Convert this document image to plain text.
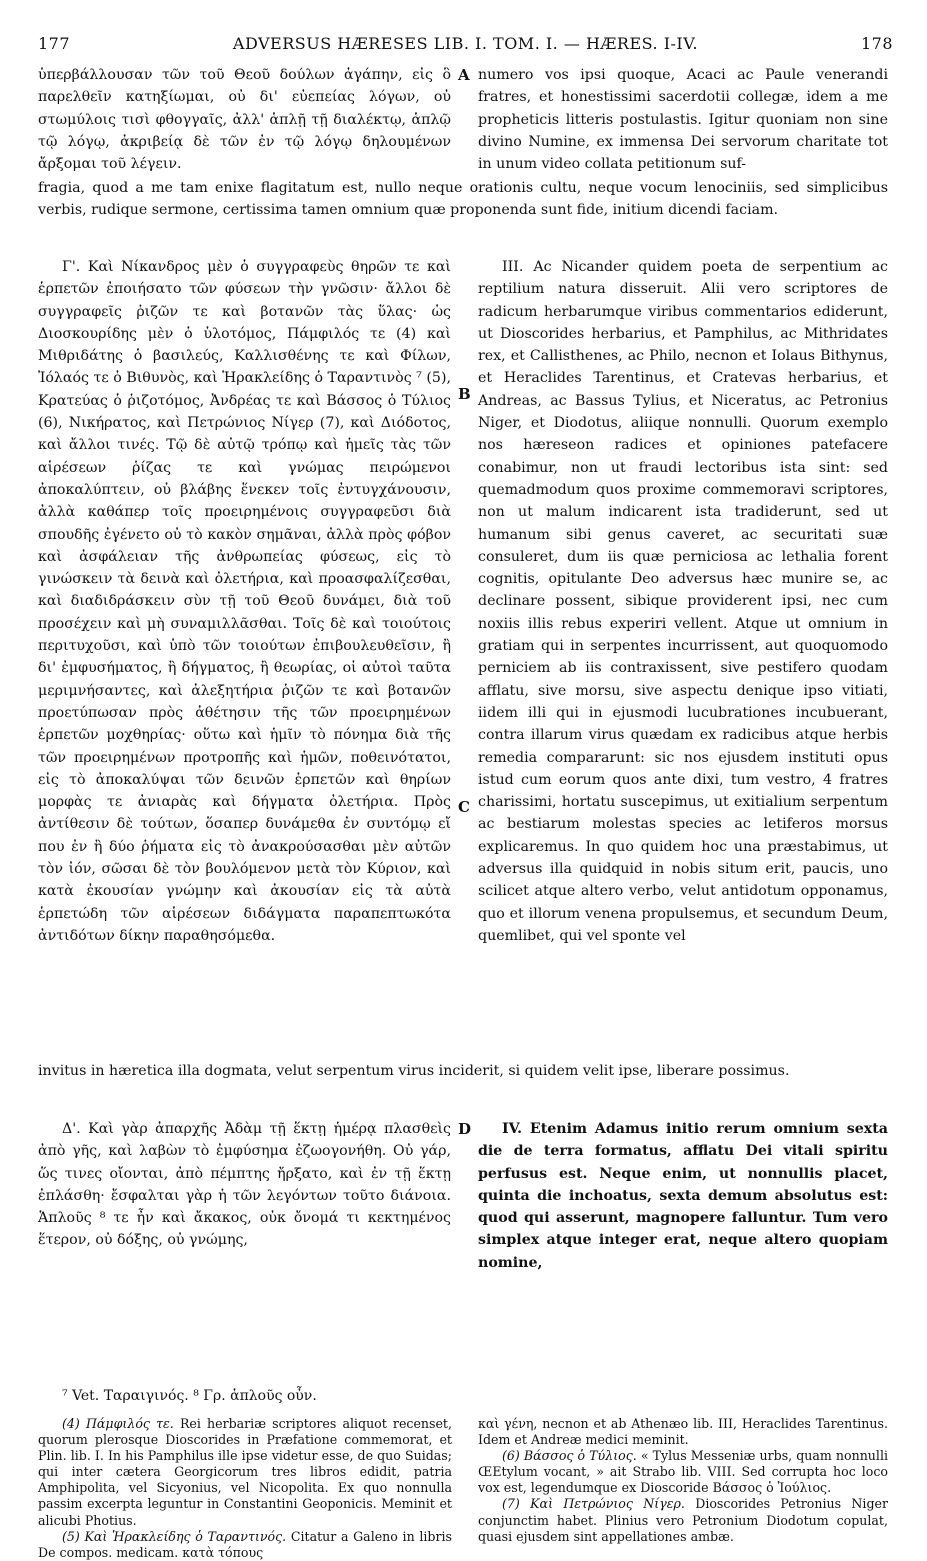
177	ADVERSUS HÆRESES LIB. I. TOM. I. — HÆRES. I-IV.	178

ὑπερβάλλουσαν τῶν τοῦ Θεοῦ δούλων ἀγάπην, εἰς ὃ παρελθεῖν κατηξίωμαι, οὐ δι' εὐεπείας λόγων, οὐ στωμύλοις τισὶ φθογγαῖς, ἀλλ' ἁπλῇ τῇ διαλέκτῳ, ἁπλῷ τῷ λόγῳ, ἀκριβείᾳ δὲ τῶν ἐν τῷ λόγῳ δηλουμένων ἄρξομαι τοῦ λέγειν.

A numero vos ipsi quoque, Acaci ac Paule venerandi fratres, et honestissimi sacerdotii collegæ, idem a me propheticis litteris postulastis. Igitur quoniam non sine divino Numine, ex immensa Dei servorum charitate tot in unum video collata petitionum suf-

fragia, quod a me tam enixe flagitatum est, nullo neque orationis cultu, neque vocum lenociniis, sed simplicibus verbis, rudique sermone, certissima tamen omnium quæ proponenda sunt fide, initium dicendi faciam.

Γ'. Καὶ Νίκανδρος μὲν ὁ συγγραφεὺς θηρῶν τε καὶ ἑρπετῶν ἐποιήσατο τῶν φύσεων τὴν γνῶσιν· ἄλλοι δὲ συγγραφεῖς ῥιζῶν τε καὶ βοτανῶν τὰς ὕλας· ὡς Διοσκουρίδης μὲν ὁ ὑλοτόμος, Πάμφιλός τε (4) καὶ Μιθριδάτης ὁ βασιλεύς, Καλλισθένης τε καὶ Φίλων, Ἰόλαός τε ὁ Βιθυνὸς, καὶ Ἡρακλείδης ὁ Ταραντινὸς ⁷ (5), Κρατεύας ὁ ῥιζοτόμος, Ἀνδρέας τε καὶ Βάσσος ὁ Τύλιος (6), Νικήρατος, καὶ Πετρώνιος Νίγερ (7), καὶ Διόδοτος, καὶ ἄλλοι τινές. Τῷ δὲ αὐτῷ τρόπῳ καὶ ἡμεῖς τὰς τῶν αἱρέσεων ῥίζας τε καὶ γνώμας πειρώμενοι ἀποκαλύπτειν, οὐ βλάβης ἕνεκεν τοῖς ἐντυγχάνουσιν, ἀλλὰ καθάπερ τοῖς προειρημένοις συγγραφεῦσι διὰ σπουδῆς ἐγένετο οὐ τὸ κακὸν σημᾶναι, ἀλλὰ πρὸς φόβον καὶ ἀσφάλειαν τῆς ἀνθρωπείας φύσεως, εἰς τὸ γινώσκειν τὰ δεινὰ καὶ ὀλετήρια, καὶ προασφαλίζεσθαι, καὶ διαδιδράσκειν σὺν τῇ τοῦ Θεοῦ δυνάμει, διὰ τοῦ προσέχειν καὶ μὴ συναμιλλᾶσθαι. Τοῖς δὲ καὶ τοιούτοις περιτυχοῦσι, καὶ ὑπὸ τῶν τοιούτων ἐπιβουλευθεῖσιν, ἢ δι' ἐμφυσήματος, ἢ δήγματος, ἢ θεωρίας, οἱ αὐτοὶ ταῦτα μεριμνήσαντες, καὶ ἀλεξητήρια ῥιζῶν τε καὶ βοτανῶν προετύπωσαν πρὸς ἀθέτησιν τῆς τῶν προειρημένων ἑρπετῶν μοχθηρίας· οὕτω καὶ ἡμῖν τὸ πόνημα διὰ τῆς τῶν προειρημένων προτροπῆς καὶ ἡμῶν, ποθεινότατοι, εἰς τὸ ἀποκαλύψαι τῶν δεινῶν ἑρπετῶν καὶ θηρίων μορφὰς τε ἀνιαρὰς καὶ δήγματα ὀλετήρια. Πρὸς ἀντίθεσιν δὲ τούτων, ὅσαπερ δυνάμεθα ἐν συντόμῳ εἴ που ἐν ἢ δύο ῥήματα εἰς τὸ ἀνακρούσασθαι μὲν αὐτῶν τὸν ἰόν, σῶσαι δὲ τὸν βουλόμενον μετὰ τὸν Κύριον, καὶ κατὰ ἐκουσίαν γνώμην καὶ ἀκουσίαν εἰς τὰ αὐτὰ ἑρπετώδη τῶν αἱρέσεων διδάγματα παραπεπτωκότα ἀντιδότων δίκην παραθησόμεθα.

B
C

III. Ac Nicander quidem poeta de serpentium ac reptilium natura disseruit. Alii vero scriptores de radicum herbarumque viribus commentarios ediderunt, ut Dioscorides herbarius, et Pamphilus, ac Mithridates rex, et Callisthenes, ac Philo, necnon et Iolaus Bithynus, et Heraclides Tarentinus, et Cratevas herbarius, et Andreas, ac Bassus Tylius, et Niceratus, ac Petronius Niger, et Diodotus, aliique nonnulli. Quorum exemplo nos hæreseon radices et opiniones patefacere conabimur, non ut fraudi lectoribus ista sint: sed quemadmodum quos proxime commemoravi scriptores, non ut malum indicarent ista tradiderunt, sed ut humanum sibi genus caveret, ac securitati suæ consuleret, dum iis quæ perniciosa ac lethalia forent cognitis, opitulante Deo adversus hæc munire se, ac declinare possent, sibique providerent ipsi, nec cum noxiis illis rebus experiri vellent. Atque ut omnium in gratiam qui in serpentes incurrissent, aut quoquomodo perniciem ab iis contraxissent, sive pestifero quodam afflatu, sive morsu, sive aspectu denique ipso vitiati, iidem illi qui in ejusmodi lucubrationes incubuerant, contra illarum virus quædam ex radicibus atque herbis remedia compararunt: sic nos ejusdem instituti opus istud cum eorum quos ante dixi, tum vestro, 4 fratres charissimi, hortatu suscepimus, ut exitialium serpentum ac bestiarum molestas species ac letiferos morsus explicaremus. In quo quidem hoc una præstabimus, ut adversus illa quidquid in nobis situm erit, paucis, uno scilicet atque altero verbo, velut antidotum opponamus, quo et illorum venena propulsemus, et secundum Deum, quemlibet, qui vel sponte vel

invitus in hæretica illa dogmata, velut serpentum virus inciderit, si quidem velit ipse, liberare possimus.

Δ'. Καὶ γὰρ ἀπαρχῆς Ἀδὰμ τῇ ἕκτῃ ἡμέρᾳ πλασθεὶς ἀπὸ γῆς, καὶ λαβὼν τὸ ἐμφύσημα ἐζωογονήθη. Οὐ γάρ, ὥς τινες οἴονται, ἀπὸ πέμπτης ἤρξατο, καὶ ἐν τῇ ἕκτῃ ἐπλάσθη· ἔσφαλται γὰρ ἡ τῶν λεγόντων τοῦτο διάνοια. Ἁπλοῦς ⁸ τε ἦν καὶ ἄκακος, οὐκ ὄνομά τι κεκτημένος ἕτερον, οὐ δόξης, οὐ γνώμης,

D	IV. Etenim Adamus initio rerum omnium sexta die de terra formatus, afflatu Dei vitali spiritu perfusus est. Neque enim, ut nonnullis placet, quinta die inchoatus, sexta demum absolutus est: quod qui asserunt, magnopere falluntur. Tum vero simplex atque integer erat, neque altero quopiam nomine,

⁷ Vet. Ταραιγινός. ⁸ Γρ. ἁπλοῦς οὖν.

(4) Πάμφιλός τε. Rei herbariæ scriptores aliquot recenset, quorum plerosque Dioscorides in Præfatione commemorat, et Plin. lib. I. In his Pamphilus ille ipse videtur esse, de quo Suidas; qui inter cætera Georgicorum tres libros edidit, patria Amphipolita, vel Sicyonius, vel Nicopolita. Ex quo nonnulla passim excerpta leguntur in Constantini Geoponicis. Meminit et alicubi Photius.

(5) Καὶ Ἡρακλείδης ὁ Ταραντινός. Citatur a Galeno in libris De compos. medicam. κατὰ τόπους

καὶ γένη, necnon et ab Athenæo lib. III, Heraclides Tarentinus. Idem et Andreæ medici meminit.

(6) Βάσσος ὁ Τύλιος. « Tylus Messeniæ urbs, quam nonnulli ŒEtylum vocant, » ait Strabo lib. VIII. Sed corrupta hoc loco vox est, legendumque ex Dioscoride Βάσσος ὁ Ἰούλιος.

(7) Καὶ Πετρώνιος Νίγερ. Dioscorides Petronius Niger conjunctim habet. Plinius vero Petronium Diodotum copulat, quasi ejusdem sint appellationes ambæ.
